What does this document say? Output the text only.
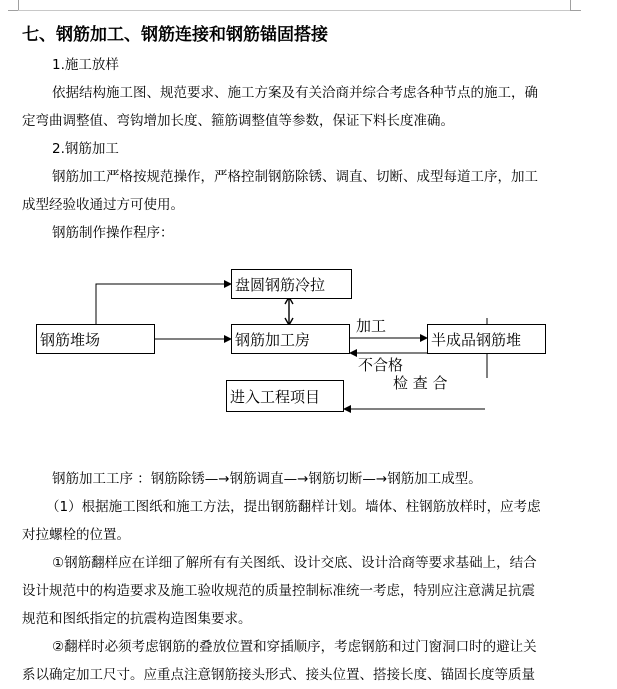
七、钢筋加工、钢筋连接和钢筋锚固搭接
1.施工放样
依据结构施工图、规范要求、施工方案及有关洽商并综合考虑各种节点的施工，确
定弯曲调整值、弯钩增加长度、箍筋调整值等参数，保证下料长度准确。
2.钢筋加工
钢筋加工严格按规范操作，严格控制钢筋除锈、调直、切断、成型每道工序，加工
成型经验收通过方可使用。
钢筋制作操作程序：
盘圆钢筋冷拉
钢筋堆场	钢筋加工房	半成品钢筋堆
进入工程项目
加工
不合格
检 查 合
钢筋加工工序 ：钢筋除锈—→钢筋调直—→钢筋切断—→钢筋加工成型。
（1）根据施工图纸和施工方法，提出钢筋翻样计划。墙体、柱钢筋放样时，应考虑
对拉螺栓的位置。
①钢筋翻样应在详细了解所有有关图纸、设计交底、设计洽商等要求基础上，结合
设计规范中的构造要求及施工验收规范的质量控制标准统一考虑，特别应注意满足抗震
规范和图纸指定的抗震构造图集要求。
②翻样时必须考虑钢筋的叠放位置和穿插顺序，考虑钢筋和过门窗洞口时的避让关
系以确定加工尺寸。应重点注意钢筋接头形式、接头位置、搭接长度、锚固长度等质量
